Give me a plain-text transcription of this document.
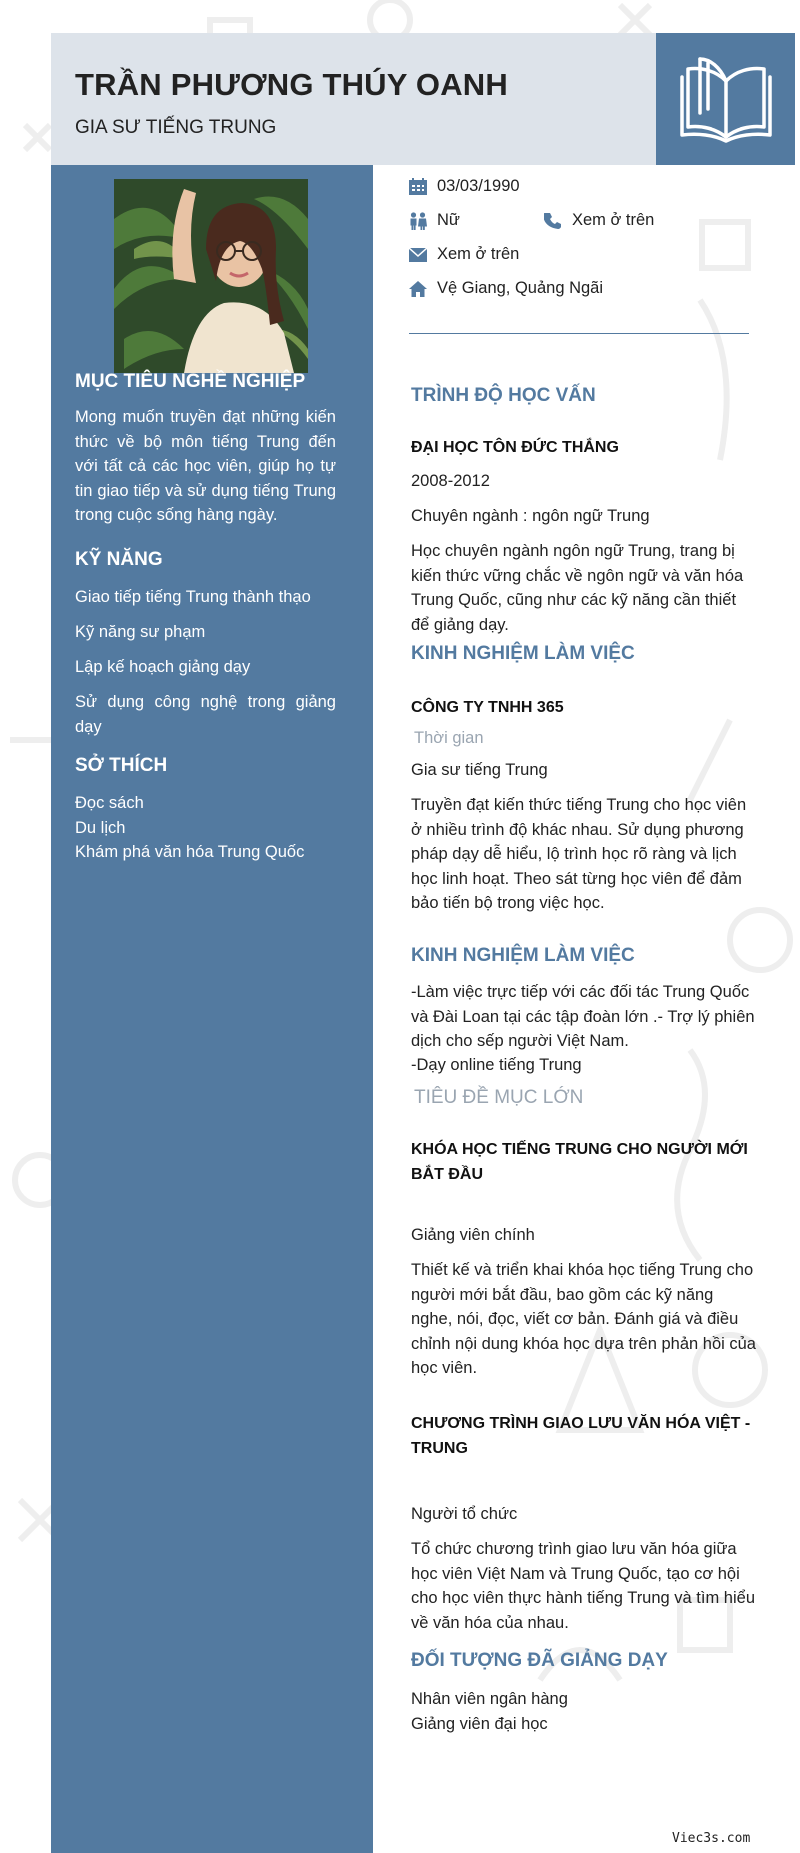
TRẦN PHƯƠNG THÚY OANH
GIA SƯ TIẾNG TRUNG
MỤC TIÊU NGHỀ NGHIỆP
Mong muốn truyền đạt những kiến thức về bộ môn tiếng Trung đến với tất cả các học viên, giúp họ tự tin giao tiếp và sử dụng tiếng Trung trong cuộc sống hàng ngày.
KỸ NĂNG
Giao tiếp tiếng Trung thành thạo
Kỹ năng sư phạm
Lập kế hoạch giảng dạy
Sử dụng công nghệ trong giảng dạy
SỞ THÍCH
Đọc sách
Du lịch
Khám phá văn hóa Trung Quốc
03/03/1990
Nữ	Xem ở trên
Xem ở trên
Vệ Giang, Quảng Ngãi
TRÌNH ĐỘ HỌC VẤN
ĐẠI HỌC TÔN ĐỨC THẮNG
2008-2012
Chuyên ngành : ngôn ngữ Trung
Học chuyên ngành ngôn ngữ Trung, trang bị kiến thức vững chắc về ngôn ngữ và văn hóa Trung Quốc, cũng như các kỹ năng cần thiết để giảng dạy.
KINH NGHIỆM LÀM VIỆC
CÔNG TY TNHH 365
Thời gian
Gia sư tiếng Trung
Truyền đạt kiến thức tiếng Trung cho học viên ở nhiều trình độ khác nhau. Sử dụng phương pháp dạy dễ hiểu, lộ trình học rõ ràng và lịch học linh hoạt. Theo sát từng học viên để đảm bảo tiến bộ trong việc học.
KINH NGHIỆM LÀM VIỆC
-Làm việc trực tiếp với các đối tác Trung Quốc và Đài Loan tại các tập đoàn lớn .- Trợ lý phiên dịch cho sếp người Việt Nam.
-Dạy online tiếng Trung
TIÊU ĐỀ MỤC LỚN
KHÓA HỌC TIẾNG TRUNG CHO NGƯỜI MỚI BẮT ĐẦU
Giảng viên chính
Thiết kế và triển khai khóa học tiếng Trung cho người mới bắt đầu, bao gồm các kỹ năng nghe, nói, đọc, viết cơ bản. Đánh giá và điều chỉnh nội dung khóa học dựa trên phản hồi của học viên.
CHƯƠNG TRÌNH GIAO LƯU VĂN HÓA VIỆT - TRUNG
Người tổ chức
Tổ chức chương trình giao lưu văn hóa giữa học viên Việt Nam và Trung Quốc, tạo cơ hội cho học viên thực hành tiếng Trung và tìm hiểu về văn hóa của nhau.
ĐỐI TƯỢNG ĐÃ GIẢNG DẠY
Nhân viên ngân hàng
Giảng viên đại học
Viec3s.com
